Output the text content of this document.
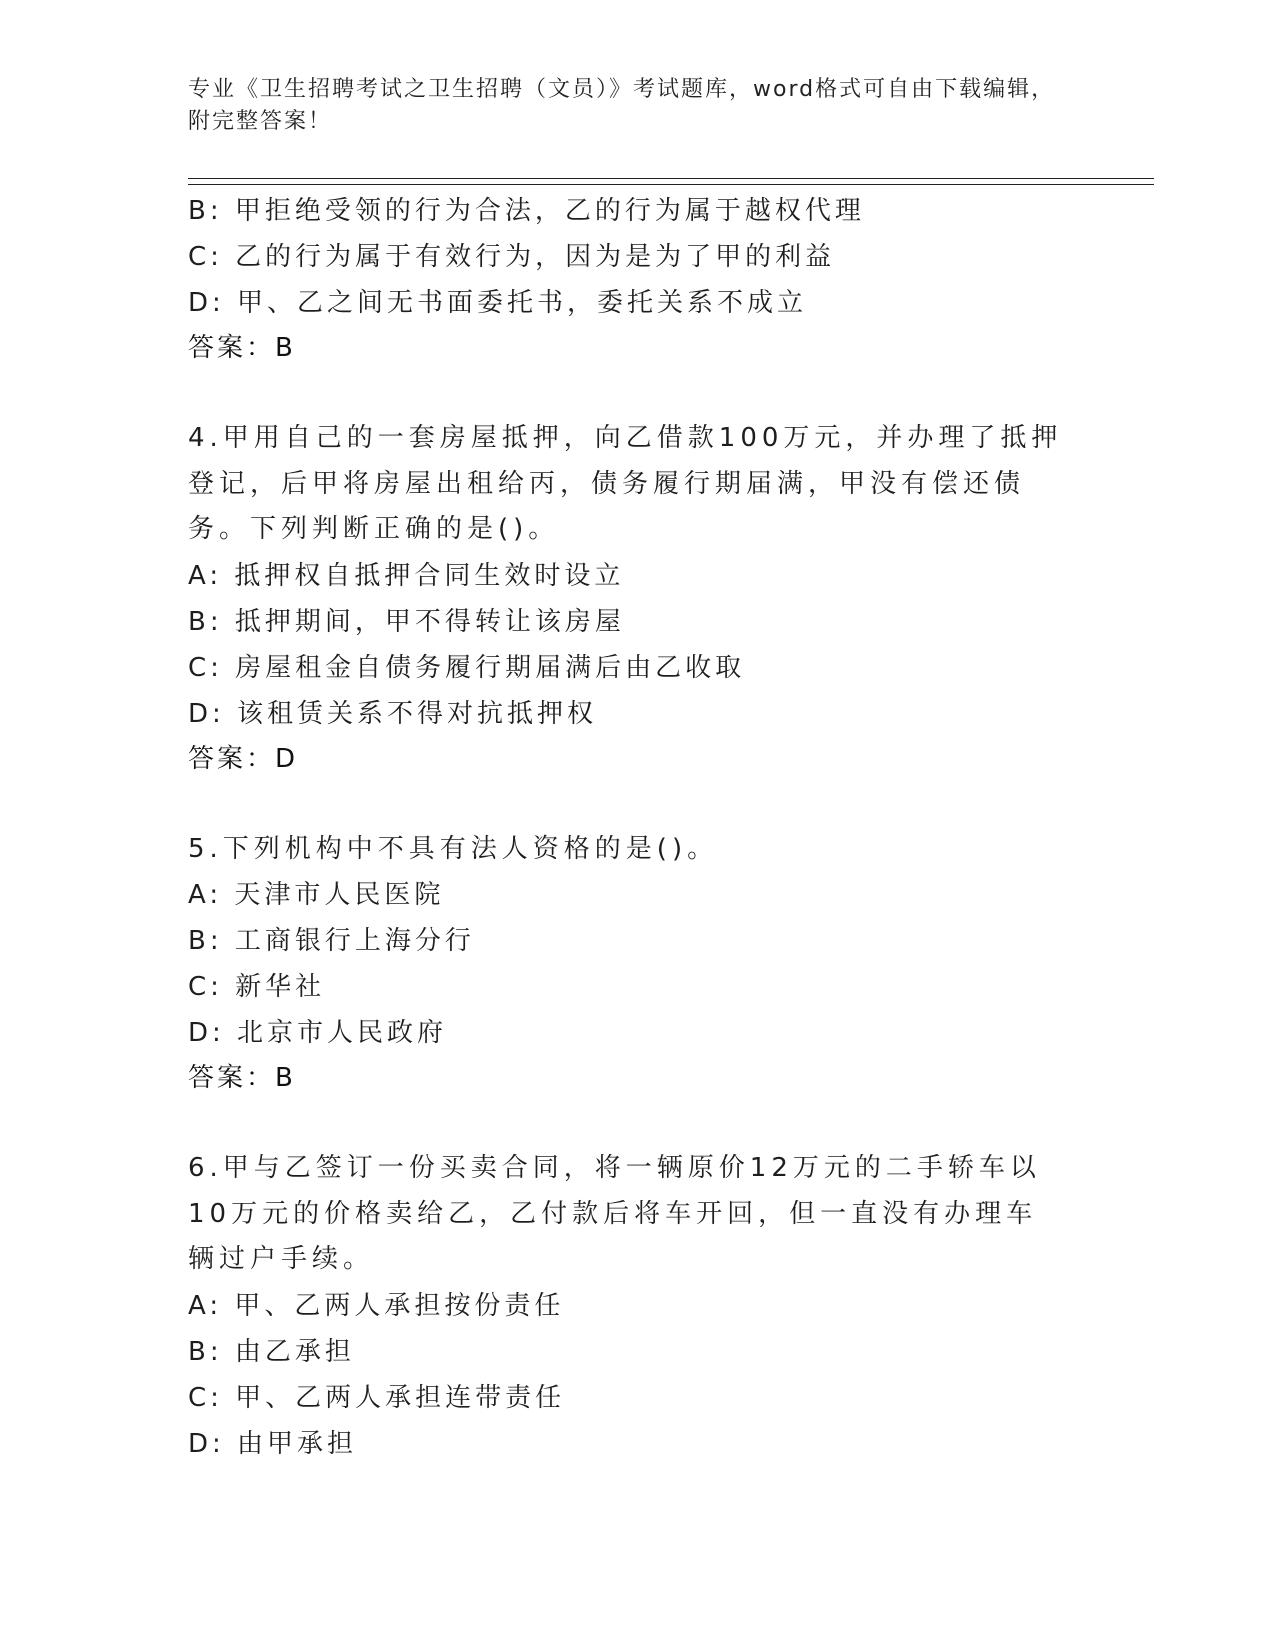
专业《卫生招聘考试之卫生招聘（文员）》考试题库，word格式可自由下载编辑，附完整答案！
B: 甲拒绝受领的行为合法，乙的行为属于越权代理
C: 乙的行为属于有效行为，因为是为了甲的利益
D: 甲、乙之间无书面委托书，委托关系不成立
答案：B
4.甲用自己的一套房屋抵押，向乙借款100万元，并办理了抵押登记，后甲将房屋出租给丙，债务履行期届满，甲没有偿还债务。下列判断正确的是()。
A: 抵押权自抵押合同生效时设立
B: 抵押期间，甲不得转让该房屋
C: 房屋租金自债务履行期届满后由乙收取
D: 该租赁关系不得对抗抵押权
答案：D
5.下列机构中不具有法人资格的是()。
A: 天津市人民医院
B: 工商银行上海分行
C: 新华社
D: 北京市人民政府
答案：B
6.甲与乙签订一份买卖合同，将一辆原价12万元的二手轿车以10万元的价格卖给乙，乙付款后将车开回，但一直没有办理车辆过户手续。
A: 甲、乙两人承担按份责任
B: 由乙承担
C: 甲、乙两人承担连带责任
D: 由甲承担
